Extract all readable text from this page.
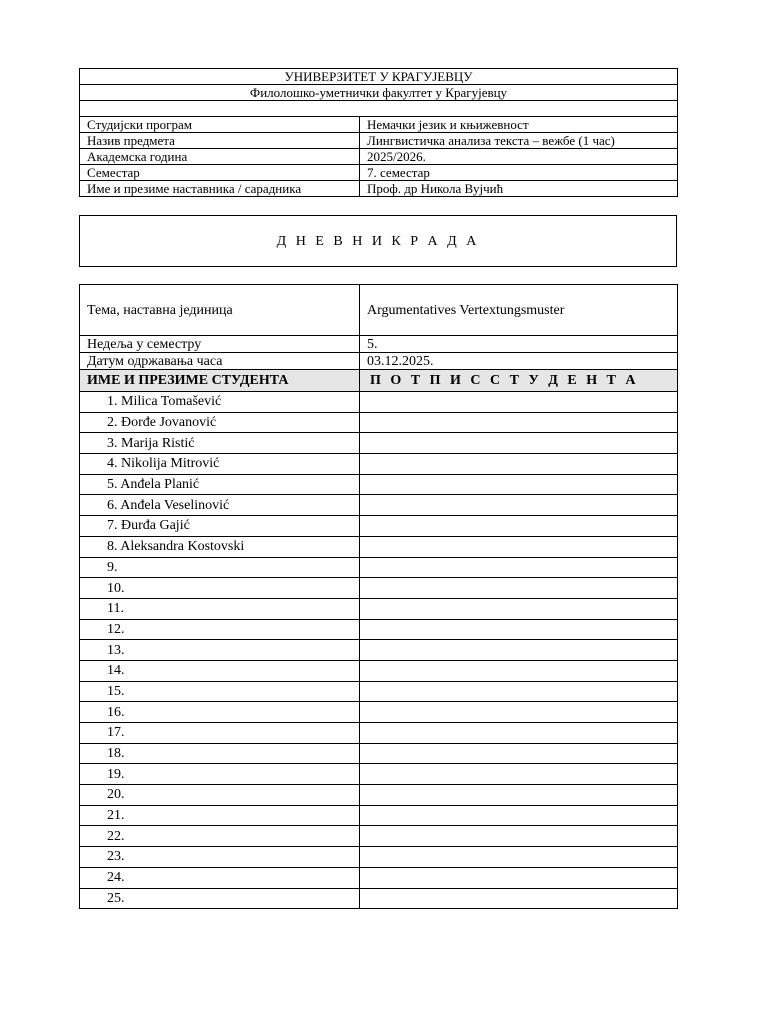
УНИВЕРЗИТЕТ У КРАГУЈЕВЦУ	
Филолошко-уметнички факултет у Крагујевцу	

Студијски програм	Немачки језик и књижевност
Назив предмета	Лингвистичка анализа текста – вежбе (1 час)
Академска година	2025/2026.
Семестар	7. семестар
Име и презиме наставника / сарадника	Проф. др Никола Вујчић
Д Н Е В Н И К Р А Д А
Тема, наставна јединица	Argumentatives Vertextungsmuster
Недеља у семестру	5.
Датум одржавања часа	03.12.2025.
ИМЕ И ПРЕЗИМЕ СТУДЕНТА	П О Т П И С С Т У Д Е Н Т А
1. Milica Tomašević	
2. Đorđe Jovanović	
3. Marija Ristić	
4. Nikolija Mitrović	
5. Anđela Planić	
6. Anđela Veselinović	
7. Đurđa Gajić	
8. Aleksandra Kostovski	
9.	
10.	
11.	
12.	
13.	
14.	
15.	
16.	
17.	
18.	
19.	
20.	
21.	
22.	
23.	
24.	
25.	
